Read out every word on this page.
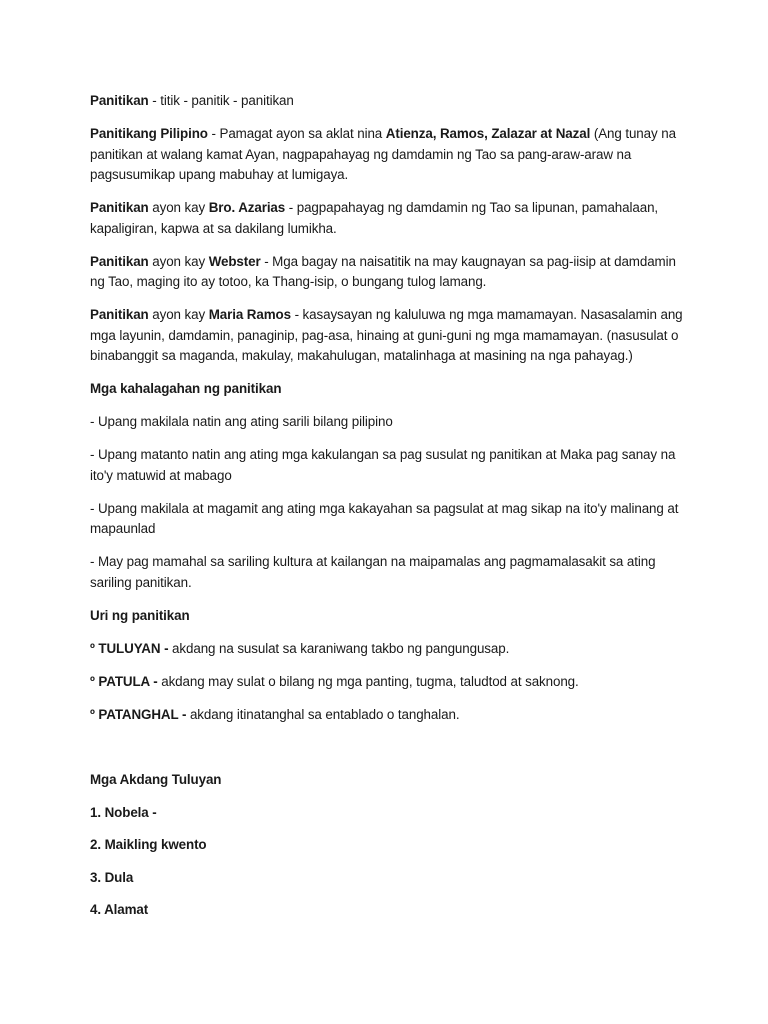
Panitikan - titik - panitik - panitikan

Panitikang Pilipino - Pamagat ayon sa aklat nina Atienza, Ramos, Zalazar at Nazal (Ang tunay na panitikan at walang kamat Ayan, nagpapahayag ng damdamin ng Tao sa pang-araw-araw na pagsusumikap upang mabuhay at lumigaya.

Panitikan ayon kay Bro. Azarias - pagpapahayag ng damdamin ng Tao sa lipunan, pamahalaan, kapaligiran, kapwa at sa dakilang lumikha.

Panitikan ayon kay Webster - Mga bagay na naisatitik na may kaugnayan sa pag-iisip at damdamin ng Tao, maging ito ay totoo, ka Thang-isip, o bungang tulog lamang.

Panitikan ayon kay Maria Ramos - kasaysayan ng kaluluwa ng mga mamamayan. Nasasalamin ang mga layunin, damdamin, panaginip, pag-asa, hinaing at guni-guni ng mga mamamayan. (nasusulat o binabanggit sa maganda, makulay, makahulugan, matalinhaga at masining na nga pahayag.)

Mga kahalagahan ng panitikan

- Upang makilala natin ang ating sarili bilang pilipino

- Upang matanto natin ang ating mga kakulangan sa pag susulat ng panitikan at Maka pag sanay na ito'y matuwid at mabago

- Upang makilala at magamit ang ating mga kakayahan sa pagsulat at mag sikap na ito'y malinang at mapaunlad

- May pag mamahal sa sariling kultura at kailangan na maipamalas ang pagmamalasakit sa ating sariling panitikan.

Uri ng panitikan

º TULUYAN - akdang na susulat sa karaniwang takbo ng pangungusap.

º PATULA - akdang may sulat o bilang ng mga panting, tugma, taludtod at saknong.

º PATANGHAL - akdang itinatanghal sa entablado o tanghalan.

Mga Akdang Tuluyan

1. Nobela -

2. Maikling kwento

3. Dula

4. Alamat
